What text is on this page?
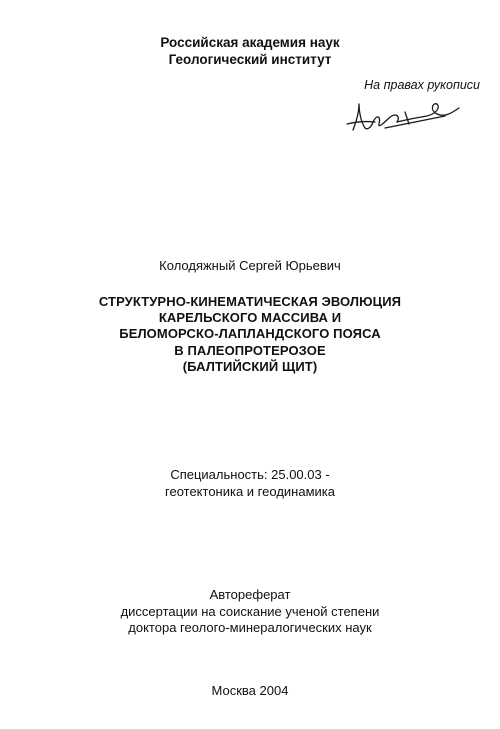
Российская академия наук
Геологический институт
На правах рукописи
Колодяжный Сергей Юрьевич
СТРУКТУРНО-КИНЕМАТИЧЕСКАЯ ЭВОЛЮЦИЯ
КАРЕЛЬСКОГО МАССИВА И
БЕЛОМОРСКО-ЛАПЛАНДСКОГО ПОЯСА
В ПАЛЕОПРОТЕРОЗОЕ
(БАЛТИЙСКИЙ ЩИТ)
Специальность: 25.00.03 -
геотектоника и геодинамика
Автореферат
диссертации на соискание ученой степени
доктора геолого-минералогических наук
Москва 2004
